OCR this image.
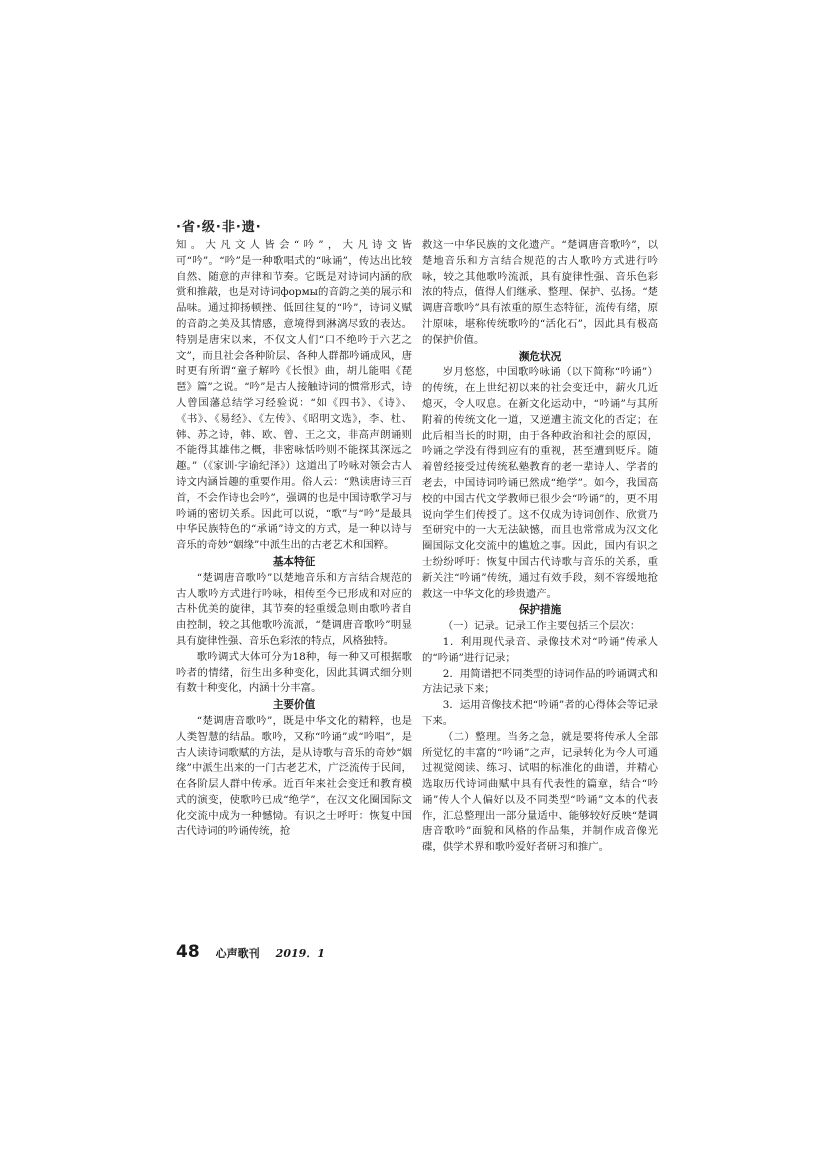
·省·级·非·遗·

知。大凡文人皆会“吟”，大凡诗文皆可“吟”。“吟”是一种歌唱式的“咏诵”，传达出比较自然、随意的声律和节奏。它既是对诗词内涵的欣赏和推敲，也是对诗词формы的音韵之美的展示和品味。通过抑扬顿挫、低回往复的“吟”，诗词义赋的音韵之美及其情感，意境得到淋漓尽致的表达。特别是唐宋以来，不仅文人们“口不绝吟于六艺之文”，而且社会各种阶层、各种人群都吟诵成风，唐时更有所谓“童子解吟《长恨》曲，胡儿能唱《琵琶》篇”之说。“吟”是古人接触诗词的惯常形式，诗人曾国藩总结学习经验说：“如《四书》、《诗》、《书》、《易经》、《左传》、《昭明文选》，李、杜、韩、苏之诗，韩、欧、曾、王之文，非高声朗诵则不能得其雄伟之概，非密咏恬吟则不能探其深远之趣。”（《家训·字谕纪泽》）这道出了吟咏对领会古人诗文内涵旨趣的重要作用。俗人云：“熟读唐诗三百首，不会作诗也会吟”，强调的也是中国诗歌学习与吟诵的密切关系。因此可以说，“歌”与“吟”是最具中华民族特色的“承诵”诗文的方式，是一种以诗与音乐的奇妙“姻缘”中派生出的古老艺术和国粹。

基本特征

“楚调唐音歌吟”以楚地音乐和方言结合规范的古人歌吟方式进行吟咏，相传至今已形成和对应的古朴优美的旋律，其节奏的轻重缓急则由歌吟者自由控制，较之其他歌吟流派，“楚调唐音歌吟”明显具有旋律性强、音乐色彩浓的特点，风格独特。

歌吟调式大体可分为18种，每一种又可根据歌吟者的情绪，衍生出多种变化，因此其调式细分则有数十种变化，内涵十分丰富。

主要价值

“楚调唐音歌吟”，既是中华文化的精粹，也是人类智慧的结晶。歌吟，又称“吟诵”或“吟唱”，是古人读诗词歌赋的方法，是从诗歌与音乐的奇妙“姻缘”中派生出来的一门古老艺术，广泛流传于民间，在各阶层人群中传承。近百年来社会变迁和教育模式的演变，使歌吟已成“绝学”，在汉文化圈国际文化交流中成为一种憾恸。有识之士呼吁：恢复中国古代诗词的吟诵传统，抢

救这一中华民族的文化遗产。“楚调唐音歌吟”，以楚地音乐和方言结合规范的古人歌吟方式进行吟咏，较之其他歌吟流派，具有旋律性强、音乐色彩浓的特点，值得人们继承、整理、保护、弘扬。“楚调唐音歌吟”具有浓重的原生态特征，流传有绪，原汁原味，堪称传统歌吟的“活化石”，因此具有极高的保护价值。

濒危状况

岁月悠悠，中国歌吟咏诵（以下简称“吟诵”）的传统，在上世纪初以来的社会变迁中，薪火几近熄灭，令人叹息。在新文化运动中，“吟诵”与其所附着的传统文化一道，又逆遭主流文化的否定；在此后相当长的时期，由于各种政治和社会的原因，吟诵之学没有得到应有的重视，甚至遭到贬斥。随着曾经接受过传统私塾教育的老一辈诗人、学者的老去，中国诗词吟诵已然成“绝学”。如今，我国高校的中国古代文学教师已很少会“吟诵”的，更不用说向学生们传授了。这不仅成为诗词创作、欣赏乃至研究中的一大无法缺憾，而且也常常成为汉文化圈国际文化交流中的尴尬之事。因此，国内有识之士纷纷呼吁：恢复中国古代诗歌与音乐的关系，重新关注“吟诵”传统，通过有效手段，刻不容缓地抢救这一中华文化的珍贵遗产。

保护措施

（一）记录。记录工作主要包括三个层次：

1．利用现代录音、录像技术对“吟诵”传承人的“吟诵”进行记录；

2．用简谱把不同类型的诗词作品的吟诵调式和方法记录下来；

3．运用音像技术把“吟诵”者的心得体会等记录下来。

（二）整理。当务之急，就是要将传承人全部所觉忆的丰富的“吟诵”之声，记录转化为今人可通过视觉阅读、练习、试唱的标准化的曲谱，并精心选取历代诗词曲赋中具有代表性的篇章，结合“吟诵”传人个人偏好以及不同类型“吟诵”文本的代表作，汇总整理出一部分量适中、能够较好反映“楚调唐音歌吟”面貌和风格的作品集，并制作成音像光碟，供学术界和歌吟爱好者研习和推广。

48 心声歌刊 2019．1
